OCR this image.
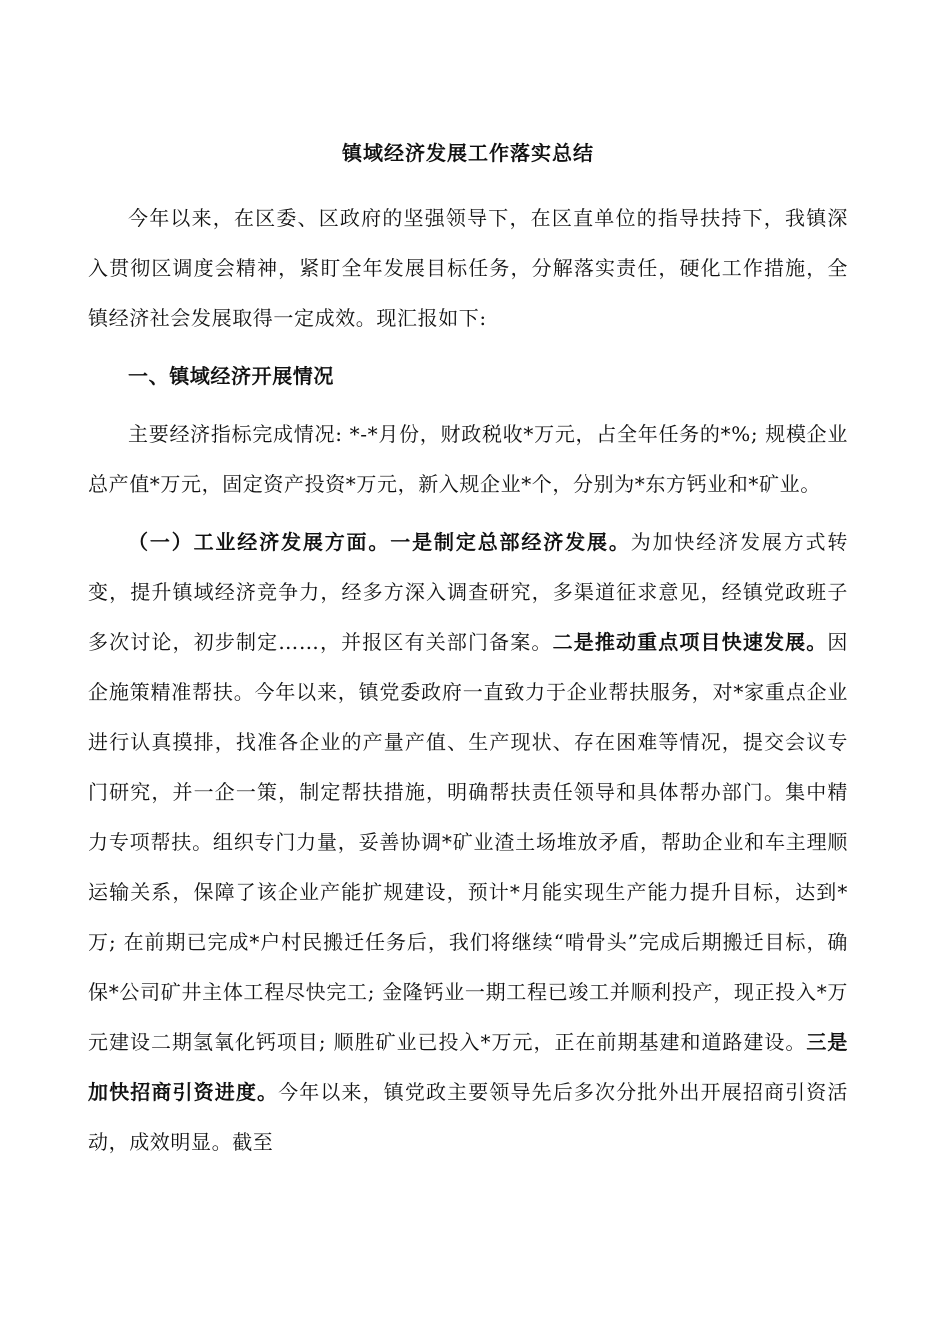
镇域经济发展工作落实总结

今年以来，在区委、区政府的坚强领导下，在区直单位的指导扶持下，我镇深入贯彻区调度会精神，紧盯全年发展目标任务，分解落实责任，硬化工作措施，全镇经济社会发展取得一定成效。现汇报如下:

一、镇域经济开展情况

主要经济指标完成情况: *-*月份，财政税收*万元，占全年任务的*%; 规模企业总产值*万元，固定资产投资*万元，新入规企业*个，分别为*东方钙业和*矿业。

（一）工业经济发展方面。一是制定总部经济发展。为加快经济发展方式转变，提升镇域经济竞争力，经多方深入调查研究，多渠道征求意见，经镇党政班子多次讨论，初步制定……，并报区有关部门备案。二是推动重点项目快速发展。因企施策精准帮扶。今年以来，镇党委政府一直致力于企业帮扶服务，对*家重点企业进行认真摸排，找准各企业的产量产值、生产现状、存在困难等情况，提交会议专门研究，并一企一策，制定帮扶措施，明确帮扶责任领导和具体帮办部门。集中精力专项帮扶。组织专门力量，妥善协调*矿业渣土场堆放矛盾，帮助企业和车主理顺运输关系，保障了该企业产能扩规建设，预计*月能实现生产能力提升目标，达到*万; 在前期已完成*户村民搬迁任务后，我们将继续“啃骨头”完成后期搬迁目标，确保*公司矿井主体工程尽快完工; 金隆钙业一期工程已竣工并顺利投产，现正投入*万元建设二期氢氧化钙项目; 顺胜矿业已投入*万元，正在前期基建和道路建设。三是加快招商引资进度。今年以来，镇党政主要领导先后多次分批外出开展招商引资活动，成效明显。截至
